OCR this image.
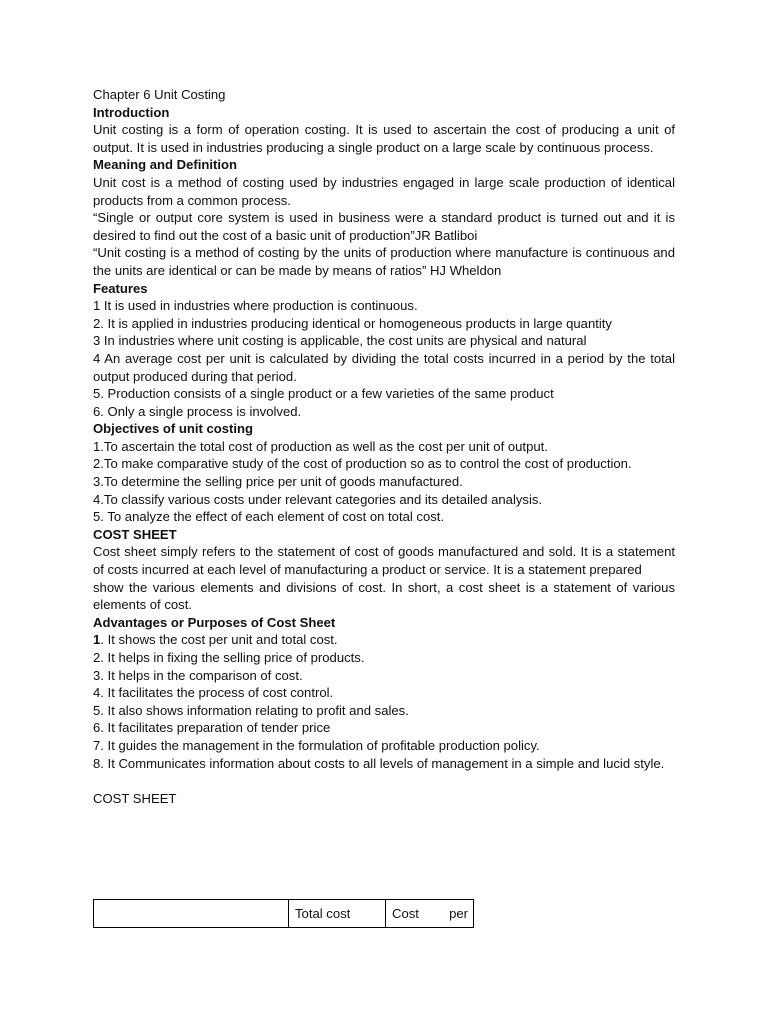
Chapter 6 Unit Costing
Introduction
Unit costing is a form of operation costing. It is used to ascertain the cost of producing a unit of output. It is used in industries producing a single product on a large scale by continuous process.
Meaning and Definition
Unit cost is a method of costing used by industries engaged in large scale production of identical products from a common process.
“Single or output core system is used in business were a standard product is turned out and it is desired to find out the cost of a basic unit of production”JR Batliboi
“Unit costing is a method of costing by the units of production where manufacture is continuous and the units are identical or can be made by means of ratios” HJ Wheldon
Features
1 It is used in industries where production is continuous.
2. It is applied in industries producing identical or homogeneous products in large quantity
3 In industries where unit costing is applicable, the cost units are physical and natural
4 An average cost per unit is calculated by dividing the total costs incurred in a period by the total output produced during that period.
5. Production consists of a single product or a few varieties of the same product
6. Only a single process is involved.
Objectives of unit costing
1.To ascertain the total cost of production as well as the cost per unit of output.
2.To make comparative study of the cost of production so as to control the cost of production.
3.To determine the selling price per unit of goods manufactured.
4.To classify various costs under relevant categories and its detailed analysis.
5. To analyze the effect of each element of cost on total cost.
COST SHEET
Cost sheet simply refers to the statement of cost of goods manufactured and sold. It is a statement of costs incurred at each level of manufacturing a product or service. It is a statement prepared
show the various elements and divisions of cost. In short, a cost sheet is a statement of various elements of cost.
Advantages or Purposes of Cost Sheet
1. It shows the cost per unit and total cost.
2. It helps in fixing the selling price of products.
3. It helps in the comparison of cost.
4. It facilitates the process of cost control.
5. It also shows information relating to profit and sales.
6. It facilitates preparation of tender price
7. It guides the management in the formulation of profitable production policy.
8. It Communicates information about costs to all levels of management in a simple and lucid style.
COST SHEET
	Total cost	Cost per
